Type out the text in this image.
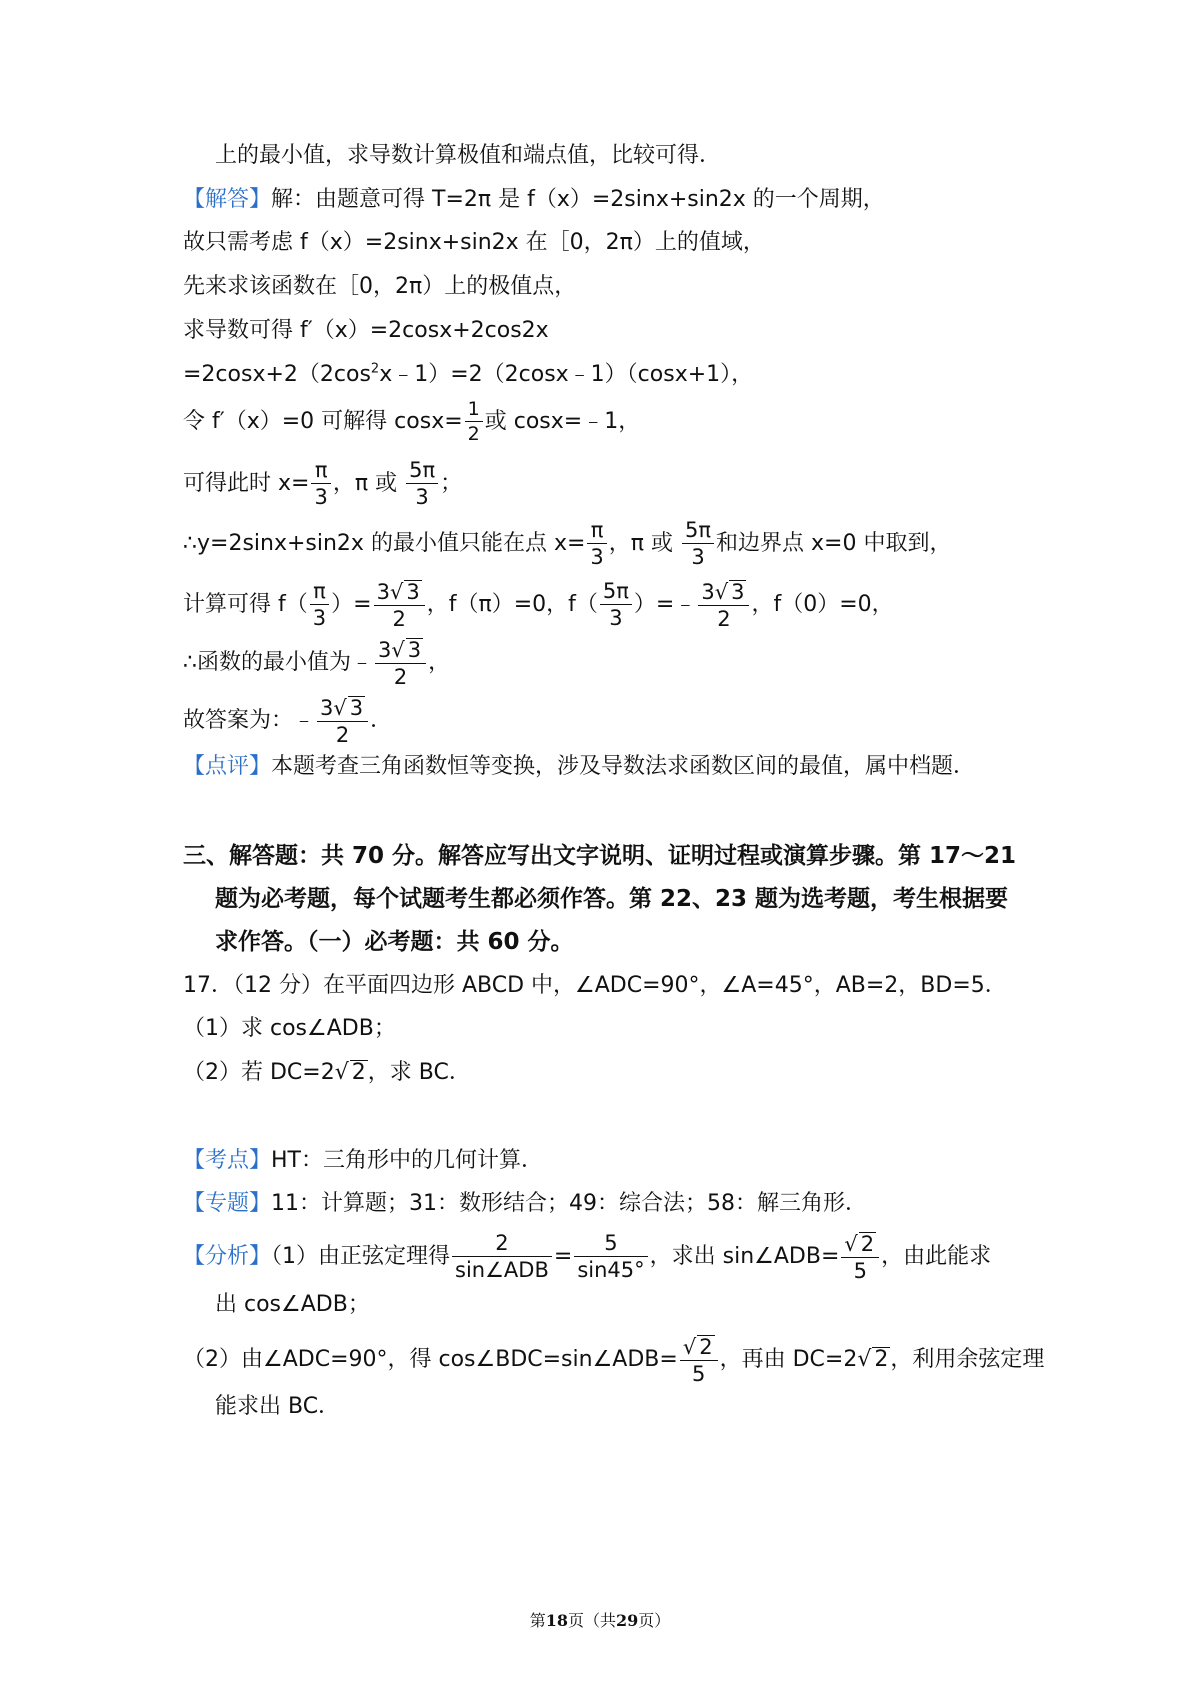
上的最小值，求导数计算极值和端点值，比较可得．
【解答】解：由题意可得 T=2π 是 f（x）=2sinx+sin2x 的一个周期，
故只需考虑 f（x）=2sinx+sin2x 在［0，2π）上的值域，
先来求该函数在［0，2π）上的极值点，
求导数可得 f′（x）=2cosx+2cos2x
$=2\cos x+2(2\cos^2x﹣1)=2(2\cos x﹣1)(\cos x+1)$，
令 f′（x）=0 可解得 $\cos x= \frac{1}{2}$ 或 cosx=﹣1，
可得此时 $x= \frac{\pi}{3}$ ，π 或 $\frac{5\pi}{3}$ ；
∴y=2sinx+sin2x 的最小值只能在点 $x= \frac{\pi}{3}$ ，π 或 $\frac{5\pi}{3}$ 和边界点 x=0 中取到，
计算可得 $f( \frac{\pi}{3}$ ）= $\frac{3√ 3}{2}$ ，f（π）=0，$f( \frac{5\pi}{3}$ ）=﹣ $\frac{3√ 3}{2}$ ，f（0）=0，
∴函数的最小值为﹣ $\frac{3√ 3}{2}$ ，
故答案为：﹣ $\frac{3√ 3}{2}$ ．
【点评】本题考查三角函数恒等变换，涉及导数法求函数区间的最值，属中档题．
三、解答题：共 70 分。解答应写出文字说明、证明过程或演算步骤。第 17～21
题为必考题，每个试题考生都必须作答。第 22、23 题为选考题，考生根据要
求作答。（一）必考题：共 60 分。
17．（12 分）在平面四边形 ABCD 中，∠ADC=90°，∠A=45°，AB=2，BD=5．
（1）求 cos∠ADB；
（2）若 DC=2√ 2，求 BC．
【考点】HT：三角形中的几何计算．
【专题】11：计算题；31：数形结合；49：综合法；58：解三角形．
【分析】（1）由正弦定理得 $\frac{2}{\text{sin∠ADB}} = \frac{5}{\sin 45^\circ}$ ，求出 sin∠ADB= $\frac{√ 2}{5}$ ，由此能求
出 cos∠ADB；
（2）由∠ADC=90°，得 cos∠BDC=sin∠ADB= $\frac{√ 2}{5}$ ，再由 DC=2√ 2，利用余弦定理
能求出 BC．
第18页（共29页）
